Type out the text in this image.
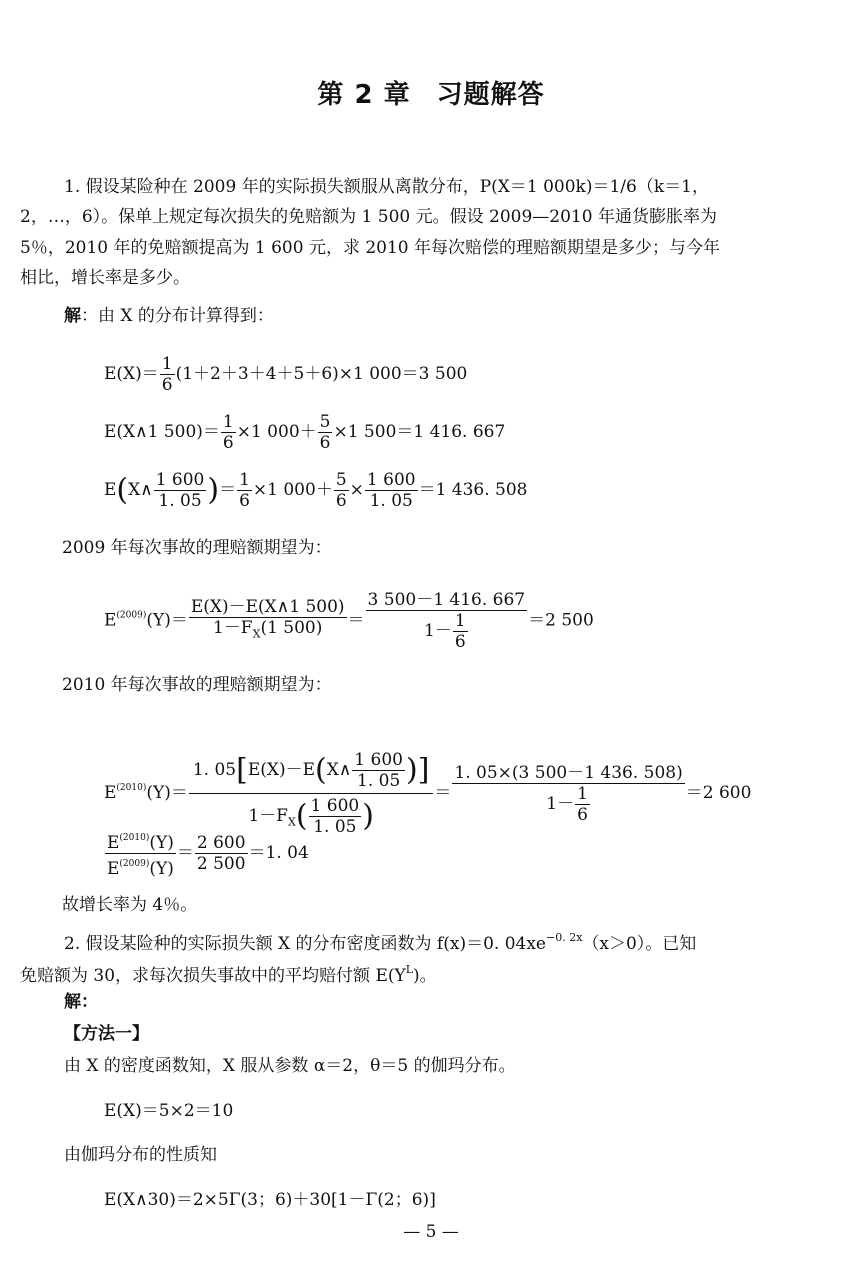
第 2 章 习题解答
1. 假设某险种在 2009 年的实际损失额服从离散分布，P(X＝1 000k)＝1/6（k＝1，
2，…，6）。保单上规定每次损失的免赔额为 1 500 元。假设 2009—2010 年通货膨胀率为
5％，2010 年的免赔额提高为 1 600 元，求 2010 年每次赔偿的理赔额期望是多少；与今年
相比，增长率是多少。
解：由 X 的分布计算得到：
$E(X)= \frac{1}{6} (1+2+3+4+5+6)\times 1$ 000＝3 500
E(X∧1 $500)= \frac{1}{6} \times 1$ $000+ \frac{5}{6} \times 1$ 500＝1 416. 667
E(X∧ $\frac{1 600}{1. 05}$ )＝ $\frac{1}{6} \times 1$ $000+ \frac{5}{6} \times \frac{1 600}{1. 05} =1$ 436. 508
2009 年每次事故的理赔额期望为：
$E^{(2009)}(Y)= \frac{E(X)-E(X\wedge 1 500)}{1-F_X(1 500)} = \frac{3 500-1 416. 667}{1- \frac{1}{6}} =2$ 500
2010 年每次事故的理赔额期望为：
$E^{(2010)}(Y)= \frac{1. 05[E(X)-E(X\wedge \frac{1 600}{1. 05} )]}{1-F_X( \frac{1 600}{1. 05} )} = \frac{1. 05\times(3 500-1 436. 508)}{1- \frac{1}{6}} =2$ 600
$\frac{E^{(2010)}(Y)}{E^{(2009)}(Y)} = \frac{2 600}{2 500} =1$. 04
故增长率为 4％。
2. 假设某险种的实际损失额 X 的分布密度函数为 f(x)＝0. $04xe^{-0. 2x}(x>0)$。已知
免赔额为 30，求每次损失事故中的平均赔付额 $E(Y^L)$。
解：
【方法一】
由 X 的密度函数知，X 服从参数 α＝2，θ＝5 的伽玛分布。
E(X)＝5×2＝10
由伽玛分布的性质知
E(X∧30)＝2×5Γ(3；6)＋30[1－Γ(2；6)]
— 5 —
